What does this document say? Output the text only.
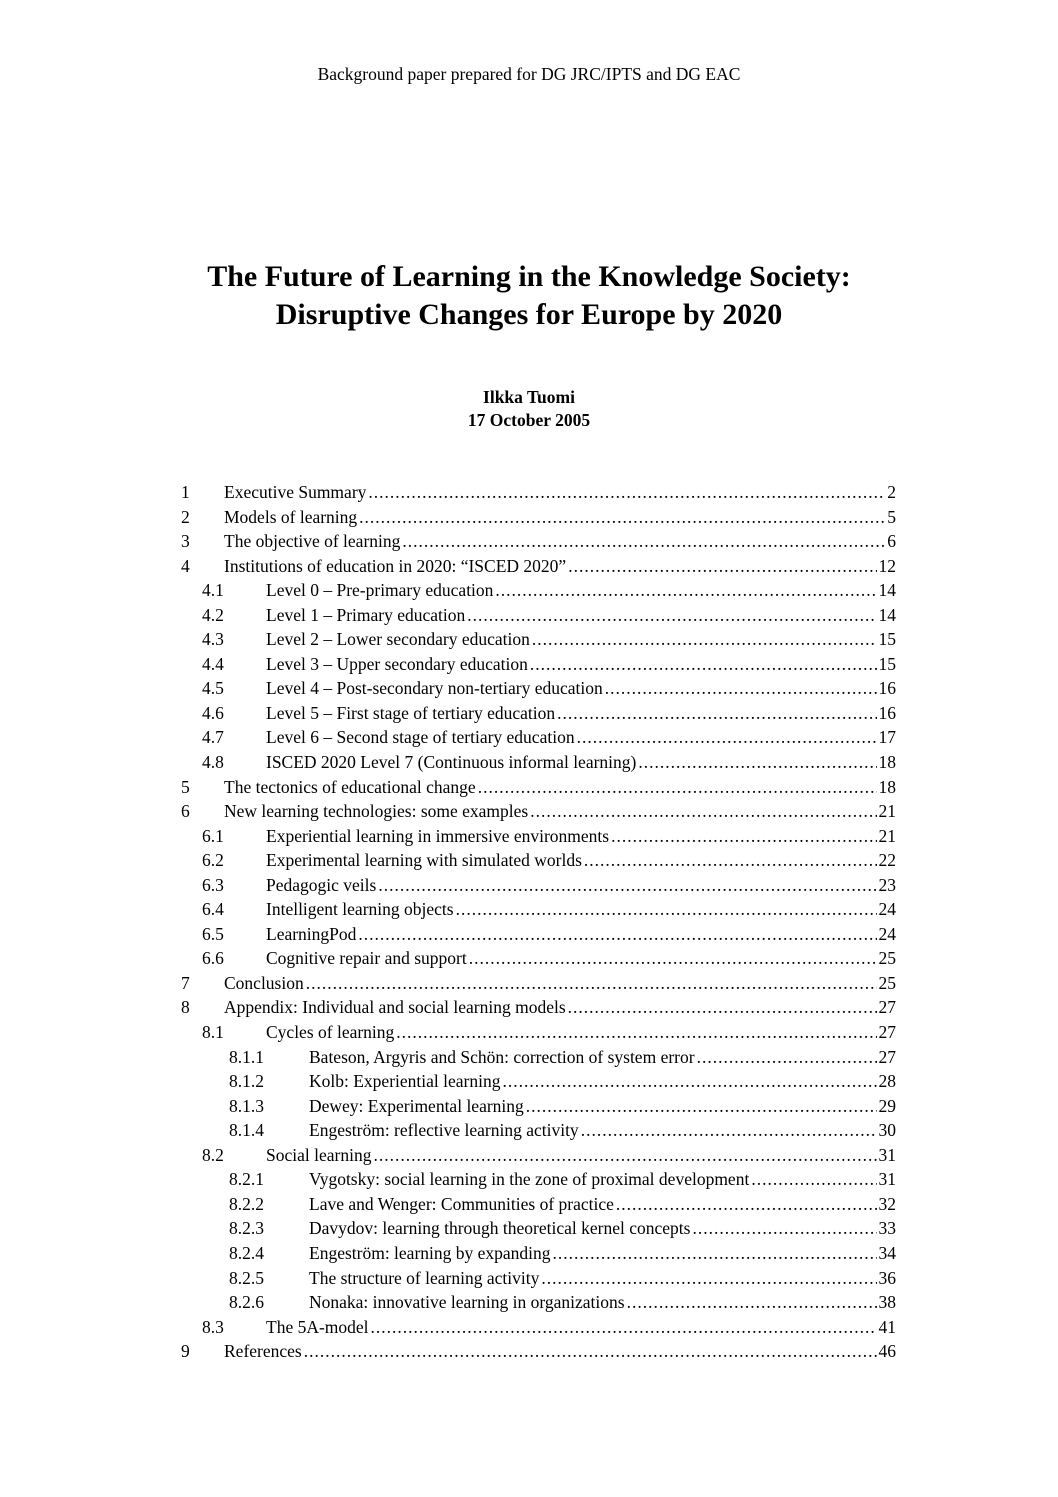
Background paper prepared for DG JRC/IPTS and DG EAC
The Future of Learning in the Knowledge Society:
Disruptive Changes for Europe by 2020
Ilkka Tuomi
17 October 2005
1 Executive Summary .....	2
2 Models of learning .....	5
3 The objective of learning .....	6
4 Institutions of education in 2020: “ISCED 2020” .....	12
4.1 Level 0 – Pre-primary education .....	14
4.2 Level 1 – Primary education .....	14
4.3 Level 2 – Lower secondary education .....	15
4.4 Level 3 – Upper secondary education .....	15
4.5 Level 4 – Post-secondary non-tertiary education .....	16
4.6 Level 5 – First stage of tertiary education .....	16
4.7 Level 6 – Second stage of tertiary education .....	17
4.8 ISCED 2020 Level 7 (Continuous informal learning) .....	18
5 The tectonics of educational change .....	18
6 New learning technologies: some examples .....	21
6.1 Experiential learning in immersive environments .....	21
6.2 Experimental learning with simulated worlds .....	22
6.3 Pedagogic veils .....	23
6.4 Intelligent learning objects .....	24
6.5 LearningPod .....	24
6.6 Cognitive repair and support .....	25
7 Conclusion .....	25
8 Appendix: Individual and social learning models .....	27
8.1 Cycles of learning .....	27
8.1.1	Bateson, Argyris and Schön: correction of system error .....	27
8.1.2	Kolb: Experiential learning .....	28
8.1.3	Dewey: Experimental learning .....	29
8.1.4	Engeström: reflective learning activity .....	30
8.2 Social learning .....	31
8.2.1	Vygotsky: social learning in the zone of proximal development .....	31
8.2.2	Lave and Wenger: Communities of practice .....	32
8.2.3	Davydov: learning through theoretical kernel concepts .....	33
8.2.4	Engeström: learning by expanding .....	34
8.2.5	The structure of learning activity .....	36
8.2.6	Nonaka: innovative learning in organizations .....	38
8.3 The 5A-model .....	41
9 References .....	46
